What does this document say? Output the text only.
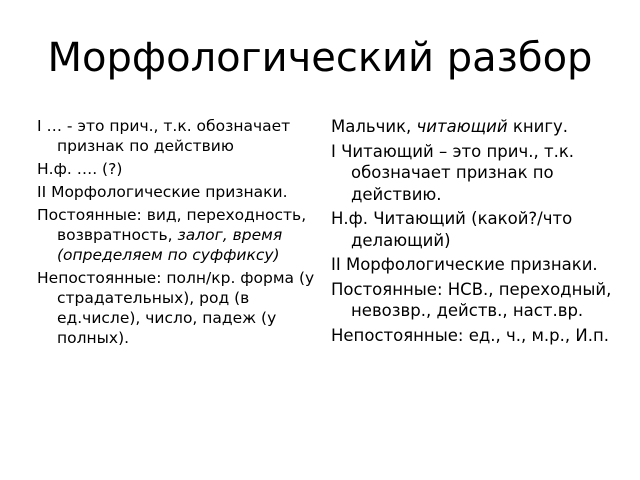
Морфологический разбор

I … - это прич., т.к. обозначает признак по действию

Н.ф. …. (?)

II Морфологические признаки.

Постоянные: вид, переходность, возвратность, залог, время (определяем по суффиксу)

Непостоянные: полн/кр. форма (у страдательных), род (в ед.числе), число, падеж (у полных).

Мальчик, читающий книгу.

I Читающий – это прич., т.к. обозначает признак по действию.

Н.ф. Читающий (какой?/что делающий)

II Морфологические признаки.

Постоянные: НСВ., переходный, невозвр., действ., наст.вр.

Непостоянные: ед., ч., м.р., И.п.
